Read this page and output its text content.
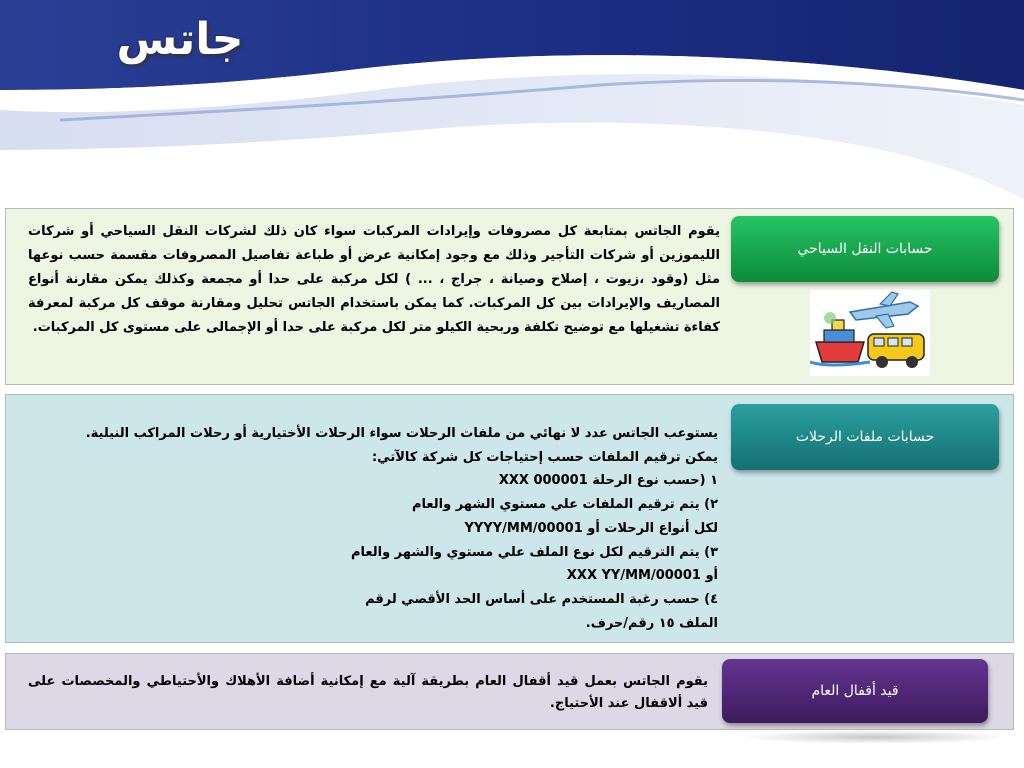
جاتس
حسابات النقل السياحي
يقوم الجاتس بمتابعة كل مصروفات وإيرادات المركبات سواء كان ذلك لشركات النقل السياحي أو شركات الليموزين أو شركات التأجير وذلك مع وجود إمكانية عرض أو طباعة تفاصيل المصروفات مقسمة حسب نوعها مثل (وقود ،زيوت ، إصلاح وصيانة ، جراج ، ... ) لكل مركبة على حدا أو مجمعة وكذلك يمكن مقارنة أنواع المصاريف والإيرادات بين كل المركبات. كما يمكن باستخدام الجاتس تحليل ومقارنة موقف كل مركبة لمعرفة كفاءة تشغيلها مع توضيح تكلفة وربحية الكيلو متر لكل مركبة على حدا أو الإجمالى على مستوى كل المركبات.
حسابات ملفات الرحلات
يستوعب الجاتس عدد لا نهائي من ملفات الرحلات سواء الرحلات الأختيارية أو رحلات المراكب النيلية.
يمكن ترقيم الملفات حسب إحتياجات كل شركة كالآتي:
١ (حسب نوع الرحلة XXX 000001
٢) يتم ترقيم الملفات علي مستوي الشهر والعام
لكل أنواع الرحلات أو YYYY/MM/00001
٣) يتم الترقيم لكل نوع الملف علي مستوي والشهر والعام
أو XXX YY/MM/00001
٤) حسب رغبة المستخدم على أساس الحد الأقصي لرقم
الملف ١٥ رقم/حرف.
قيد أقفال العام
يقوم الجاتس بعمل قيد أقفال العام بطريقة آلية مع إمكانية أضافة الأهلاك والأحتياطي والمخصصات على قيد ألاقفال عند الأحتياج.
